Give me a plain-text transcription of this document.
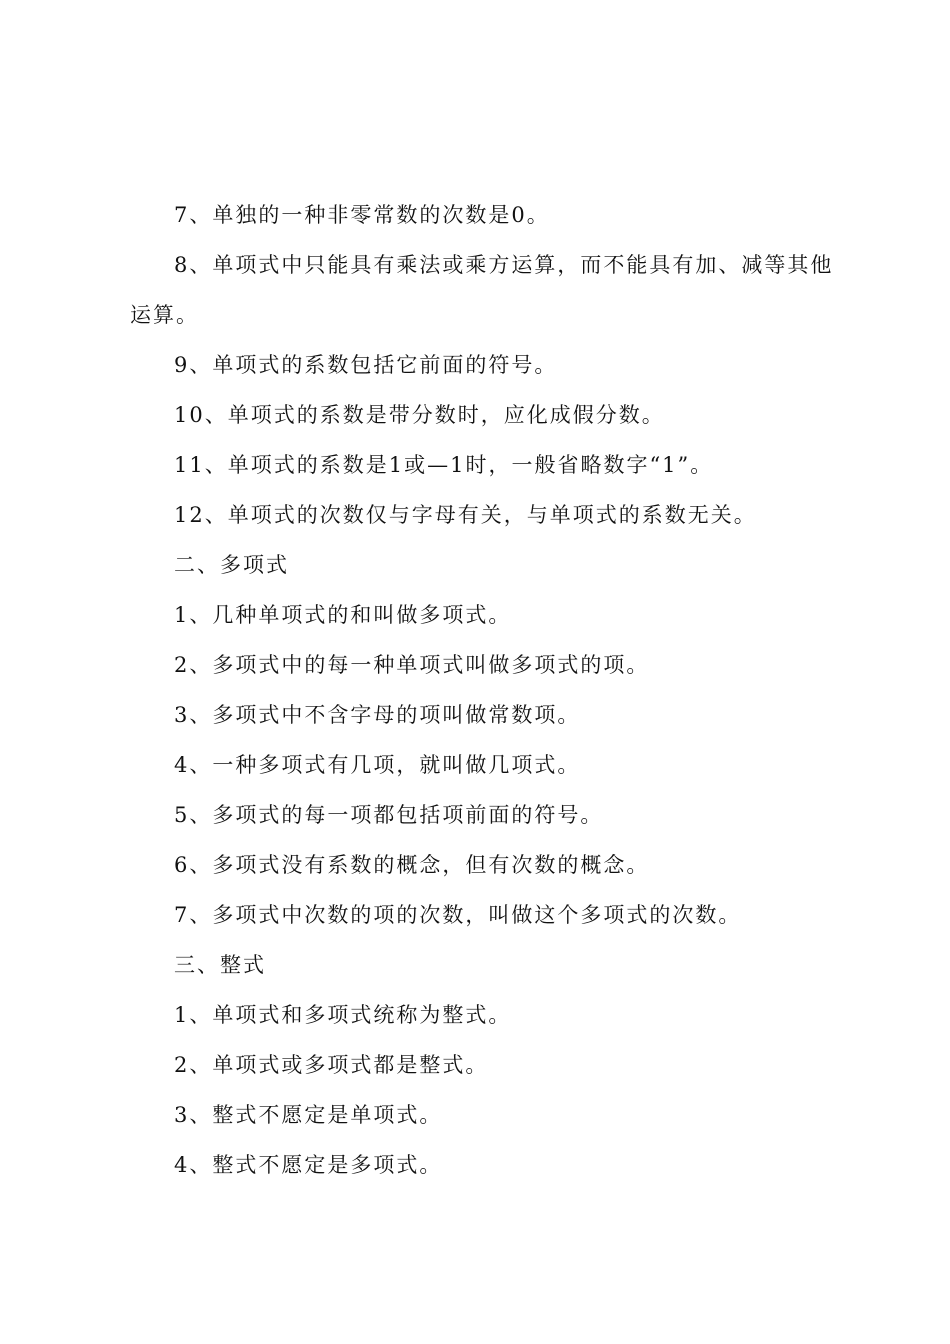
7、单独的一种非零常数的次数是0。

8、单项式中只能具有乘法或乘方运算，而不能具有加、减等其他运算。

9、单项式的系数包括它前面的符号。

10、单项式的系数是带分数时，应化成假分数。

11、单项式的系数是1或—1时，一般省略数字“1”。

12、单项式的次数仅与字母有关，与单项式的系数无关。

二、多项式

1、几种单项式的和叫做多项式。

2、多项式中的每一种单项式叫做多项式的项。

3、多项式中不含字母的项叫做常数项。

4、一种多项式有几项，就叫做几项式。

5、多项式的每一项都包括项前面的符号。

6、多项式没有系数的概念，但有次数的概念。

7、多项式中次数的项的次数，叫做这个多项式的次数。

三、整式

1、单项式和多项式统称为整式。

2、单项式或多项式都是整式。

3、整式不愿定是单项式。

4、整式不愿定是多项式。
